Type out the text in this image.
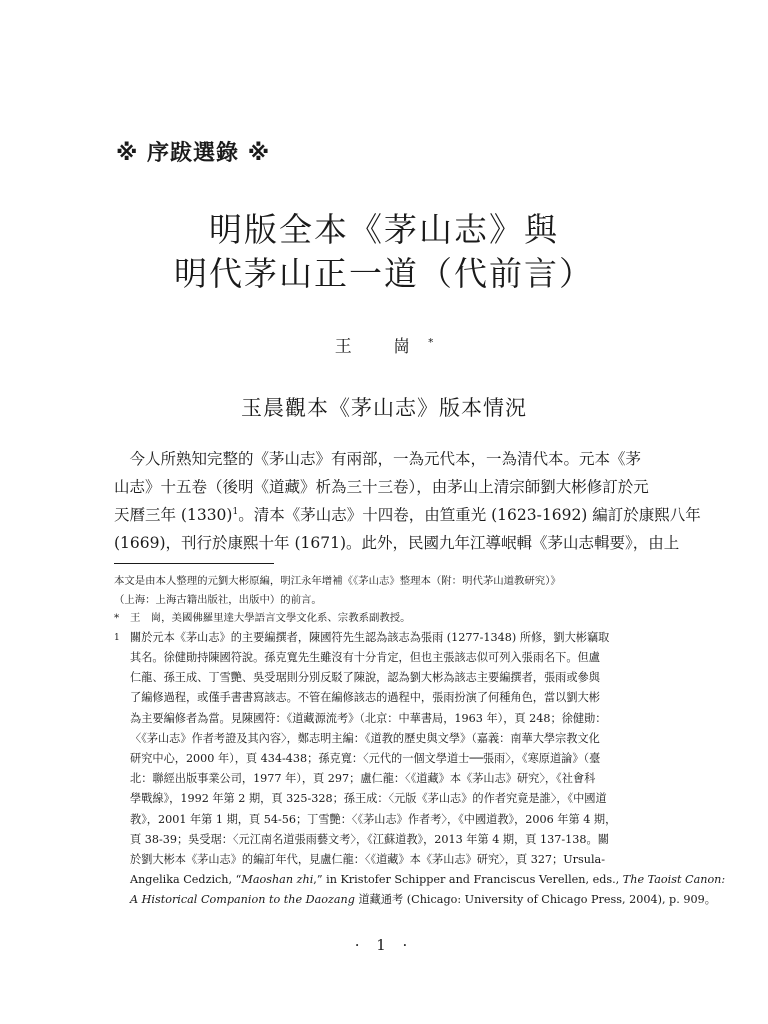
※ 序跋選錄 ※
明版全本《茅山志》與
明代茅山正一道（代前言）
王 崗*
玉晨觀本《茅山志》版本情況
　今人所熟知完整的《茅山志》有兩部，一為元代本，一為清代本。元本《茅
山志》十五卷（後明《道藏》析為三十三卷），由茅山上清宗師劉大彬修訂於元
天曆三年 $(1330)^1$。清本《茅山志》十四卷，由笪重光 (1623-1692) 編訂於康熙八年
(1669)，刊行於康熙十年 (1671)。此外，民國九年江導岷輯《茅山志輯要》，由上
本文是由本人整理的元劉大彬原編，明江永年增補《《茅山志》整理本（附：明代茅山道教研究）》
（上海：上海古籍出版社，出版中）的前言。
*	王　崗，美國佛羅里達大學語言文學文化系、宗教系副教授。
1 關於元本《茅山志》的主要編撰者，陳國符先生認為該志為張雨 (1277-1348) 所修，劉大彬竊取
其名。徐健勛持陳國符說。孫克寬先生雖沒有十分肯定，但也主張該志似可列入張雨名下。但盧
仁龍、孫王成、丁雪艷、吳受琚則分別反駁了陳說，認為劉大彬為該志主要編撰者，張雨或參與
了編修過程，或僅手書書寫該志。不管在編修該志的過程中，張雨扮演了何種角色，當以劉大彬
為主要編修者為當。見陳國符：《道藏源流考》（北京：中華書局，1963 年），頁 248；徐健勛：
〈《茅山志》作者考證及其內容〉，鄭志明主編：《道教的歷史與文學》（嘉義：南華大學宗教文化
研究中心，2000 年），頁 434-438；孫克寬：〈元代的一個文學道士──張雨〉，《寒原道論》（臺
北：聯經出版事業公司，1977 年），頁 297；盧仁龍：〈《道藏》本《茅山志》研究〉，《社會科
學戰線》，1992 年第 2 期，頁 325-328；孫王成：〈元版《茅山志》的作者究竟是誰〉，《中國道
教》，2001 年第 1 期，頁 54-56；丁雪艷：〈《茅山志》作者考〉，《中國道教》，2006 年第 4 期，
頁 38-39；吳受琚：〈元江南名道張雨藝文考〉，《江蘇道教》，2013 年第 4 期，頁 137-138。關
於劉大彬本《茅山志》的編訂年代，見盧仁龍：〈《道藏》本《茅山志》研究〉，頁 327；Ursula-
Angelika Cedzich, “Maoshan zhi,” in Kristofer Schipper and Franciscus Verellen, eds., The Taoist Canon:
A Historical Companion to the Daozang 道藏通考 (Chicago: University of Chicago Press, 2004), p. 909。
· 1 ·
